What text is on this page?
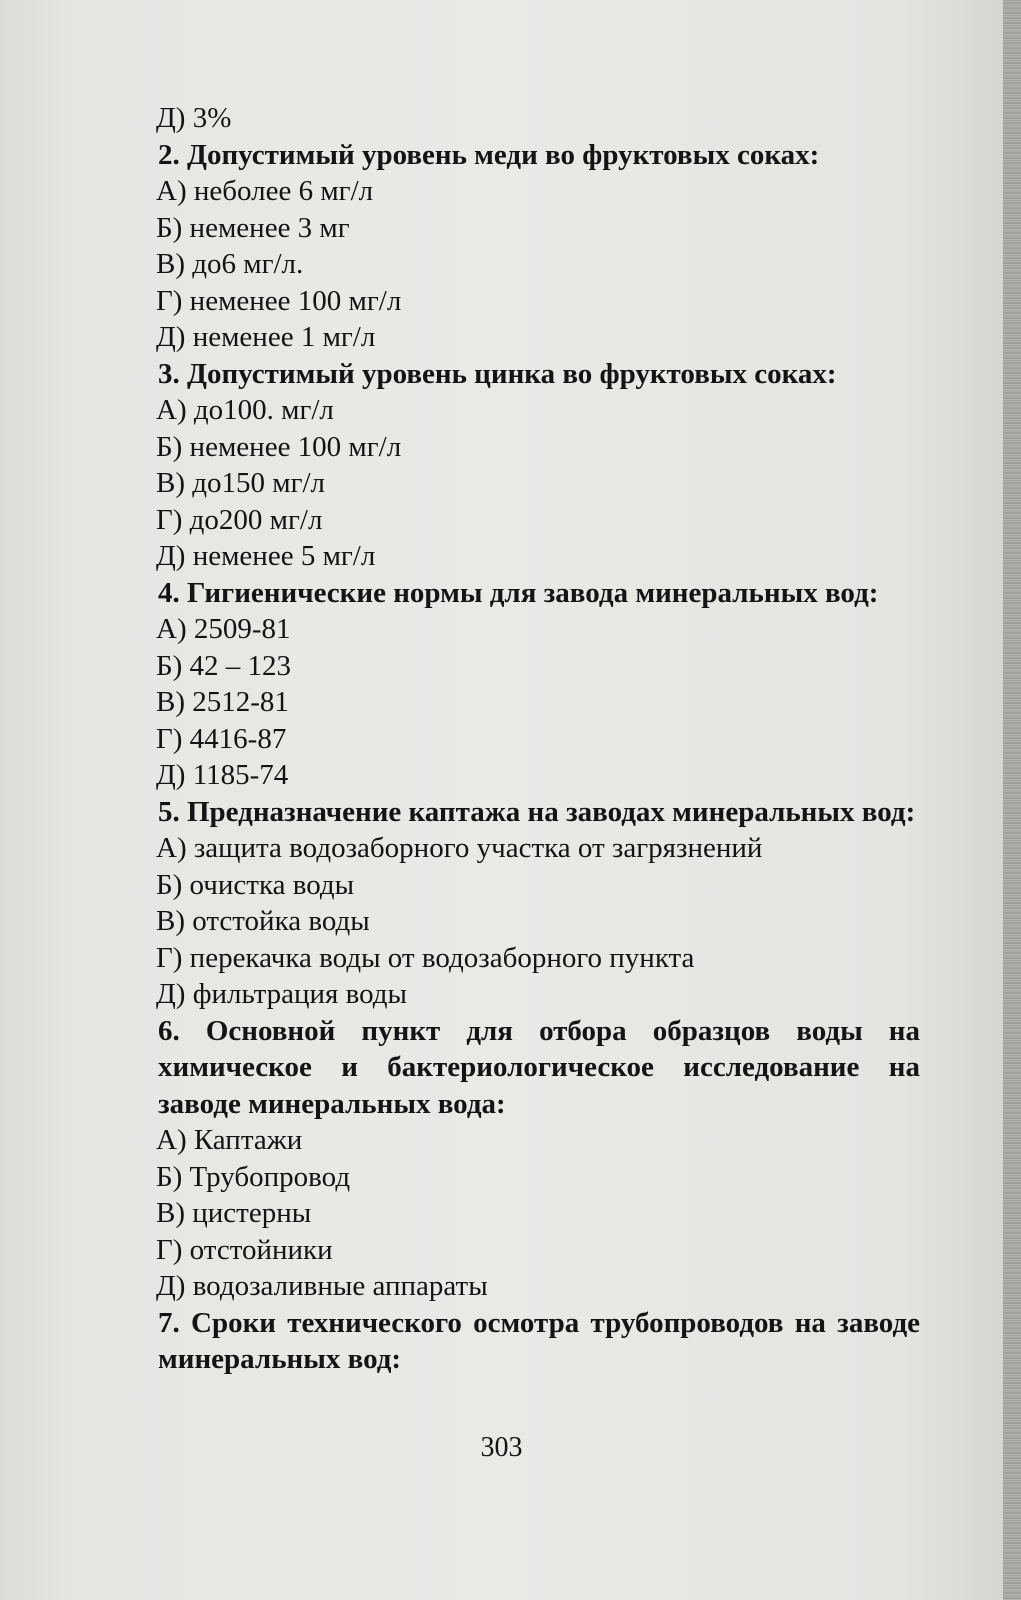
Д) 3%
2. Допустимый уровень меди во фруктовых соках:
А) неболее 6 мг/л
Б) неменее 3 мг
В) до6 мг/л.
Г) неменее 100 мг/л
Д) неменее 1 мг/л
3. Допустимый уровень цинка во фруктовых соках:
А) до100. мг/л
Б) неменее 100 мг/л
В) до150 мг/л
Г) до200 мг/л
Д) неменее 5 мг/л
4. Гигиенические нормы для завода минеральных вод:
А) 2509-81
Б) 42 – 123
В) 2512-81
Г) 4416-87
Д) 1185-74
5. Предназначение каптажа на заводах минеральных вод:
А) защита водозаборного участка от загрязнений
Б) очистка воды
В) отстойка воды
Г) перекачка воды от водозаборного пункта
Д) фильтрация воды
6. Основной пункт для отбора образцов воды на химическое и бактериологическое исследование на заводе минеральных вода:
А) Каптажи
Б) Трубопровод
В) цистерны
Г) отстойники
Д) водозаливные аппараты
7. Сроки технического осмотра трубопроводов на заводе минеральных вод:
303
